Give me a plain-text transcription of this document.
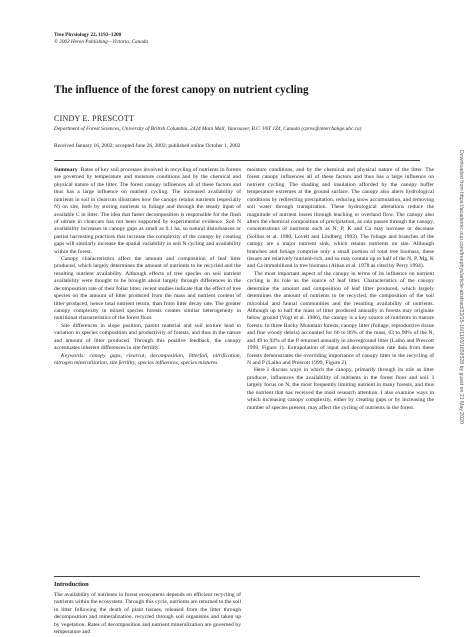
Tree Physiology 22, 1193–1200
© 2002 Heron Publishing—Victoria, Canada
The influence of the forest canopy on nutrient cycling
CINDY E. PRESCOTT
Department of Forest Sciences, University of British Columbia, 2424 Main Mall, Vancouver, B.C. V6T 1Z4, Canada (cpres@interchange.ubc.ca)
Received January 16, 2002; accepted June 26, 2002; published online October 1, 2002

Summary Rates of key soil processes involved in recycling of nutrients in forests are governed by temperature and moisture conditions and by the chemical and physical nature of the litter. The forest canopy influences all of these factors and thus has a large influence on nutrient cycling. The increased availability of nutrients in soil in clearcuts illustrates how the canopy retains nutrients (especially N) on site, both by storing nutrients in foliage and through the steady input of available C in litter. The idea that faster decomposition is responsible for the flush of nitrate in clearcuts has not been supported by experimental evidence. Soil N availability increases in canopy gaps as small as 0.1 ha, so natural disturbances or partial harvesting practices that increase the complexity of the canopy by creating gaps will similarly increase the spatial variability in soil N cycling and availability within the forest.

Canopy characteristics affect the amount and composition of leaf litter produced, which largely determines the amount of nutrients to be recycled and the resulting nutrient availability. Although effects of tree species on soil nutrient availability were thought to be brought about largely through differences in the decomposition rate of their foliar litter, recent studies indicate that the effect of tree species on the amount of litter produced from the mass and nutrient content of litter produced, hence total nutrient return, than from litter decay rate. The greater canopy complexity in mixed species forests creates similar heterogeneity in nutritional characteristics of the forest floor.

Site differences in slope position, parent material and soil texture lead to variation in species composition and productivity of forests, and thus in the nature and amount of litter produced. Through this positive feedback, the canopy accentuates inherent differences in site fertility.

Keywords: canopy gaps, clearcut, decomposition, litterfall, nitrification, nitrogen mineralization, site fertility, species influences, species mixtures.

Introduction

The availability of nutrients in forest ecosystems depends on efficient recycling of nutrients within the ecosystem. Through this cycle, nutrients are returned to the soil in litter following the death of plant tissues, released from the litter through decomposition and mineralization, recycled through soil organisms and taken up by vegetation. Rates of decomposition and nutrient mineralization are governed by temperature and

moisture conditions, and by the chemical and physical nature of the litter. The forest canopy influences all of these factors and thus has a large influence on nutrient cycling. The shading and insulation afforded by the canopy buffer temperature extremes at the ground surface. The canopy also alters hydrological conditions by redirecting precipitation, reducing snow accumulation, and removing soil water through transpiration. These hydrological alterations reduce the magnitude of nutrient losses through leaching or overland flow. The canopy also alters the chemical composition of precipitation, as rain passes through the canopy, concentrations of nutrients such as N, P, K and Ca may increase or decrease (Sollins et al. 1980, Lovett and Lindberg 1993). The foliage and branches of the canopy are a major nutrient sink, which retains nutrients on site. Although branches and foliage comprise only a small portion of total tree biomass, these tissues are relatively nutrient-rich, and so may contain up to half of the N, P, Mg, K and Ca immobilized in tree biomass (Alban et al. 1978 as cited by Perry 1994).

The most important aspect of the canopy in terms of its influence on nutrient cycling is its role as the source of leaf litter. Characteristics of the canopy determine the amount and composition of leaf litter produced, which largely determines the amount of nutrients to be recycled, the composition of the soil microbial and faunal communities and the resulting availability of nutrients. Although up to half the mass of litter produced annually in forests may originate below ground (Vogt et al. 1986), the canopy is a key source of nutrients in mature forests. In three Rocky Mountain forests, canopy litter (foliage, reproductive tissue and fine woody debris) accounted for 66 to 86% of the mass, 63 to 90% of the N, and 49 to 92% of the P returned annually in aboveground litter (Laiho and Prescott 1999, Figure 1). Extrapolation of input and decomposition rate data from these forests demonstrates the overriding importance of canopy litter in the recycling of N and P (Laiho and Prescott 1999, Figure 2).

Here I discuss ways in which the canopy, primarily through its role as litter producer, influences the availability of nutrients in the forest floor and soil. I largely focus on N, the most frequently limiting nutrient in many forests, and thus the nutrient that has received the most research attention. I also examine ways in which increasing canopy complexity, either by creating gaps or by increasing the number of species present, may affect the cycling of nutrients in the forest.	Downloaded from https://academic.oup.com/treephys/article-abstract/22/15-16/1193/1659328 by guest on 21 May 2020
